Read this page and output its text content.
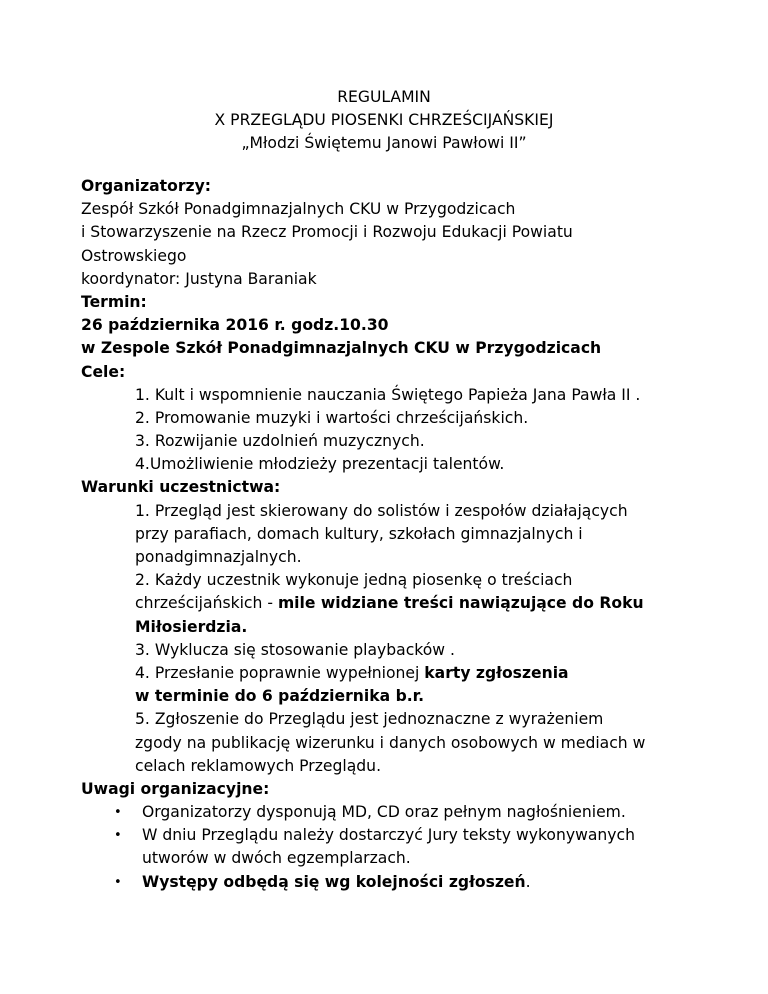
REGULAMIN
X PRZEGLĄDU PIOSENKI CHRZEŚCIJAŃSKIEJ
„Młodzi Świętemu Janowi Pawłowi II”
Organizatorzy:
Zespół Szkół Ponadgimnazjalnych CKU w Przygodzicach
i Stowarzyszenie na Rzecz Promocji i Rozwoju Edukacji Powiatu
Ostrowskiego
koordynator: Justyna Baraniak
Termin:
26 października 2016 r. godz.10.30
w Zespole Szkół Ponadgimnazjalnych CKU w Przygodzicach
Cele:
1. Kult i wspomnienie nauczania Świętego Papieża Jana Pawła II .
2. Promowanie muzyki i wartości chrześcijańskich.
3. Rozwijanie uzdolnień muzycznych.
4.Umożliwienie młodzieży prezentacji talentów.
Warunki uczestnictwa:
1. Przegląd jest skierowany do solistów i zespołów działających
przy parafiach, domach kultury, szkołach gimnazjalnych i
ponadgimnazjalnych.
2. Każdy uczestnik wykonuje jedną piosenkę o treściach
chrześcijańskich - mile widziane treści nawiązujące do Roku
Miłosierdzia.
3. Wyklucza się stosowanie playbacków .
4. Przesłanie poprawnie wypełnionej karty zgłoszenia
w terminie do 6 października b.r.
5. Zgłoszenie do Przeglądu jest jednoznaczne z wyrażeniem
zgody na publikację wizerunku i danych osobowych w mediach w
celach reklamowych Przeglądu.
Uwagi organizacyjne:
• Organizatorzy dysponują MD, CD oraz pełnym nagłośnieniem.
• W dniu Przeglądu należy dostarczyć Jury teksty wykonywanych
utworów w dwóch egzemplarzach.
• Występy odbędą się wg kolejności zgłoszeń.
